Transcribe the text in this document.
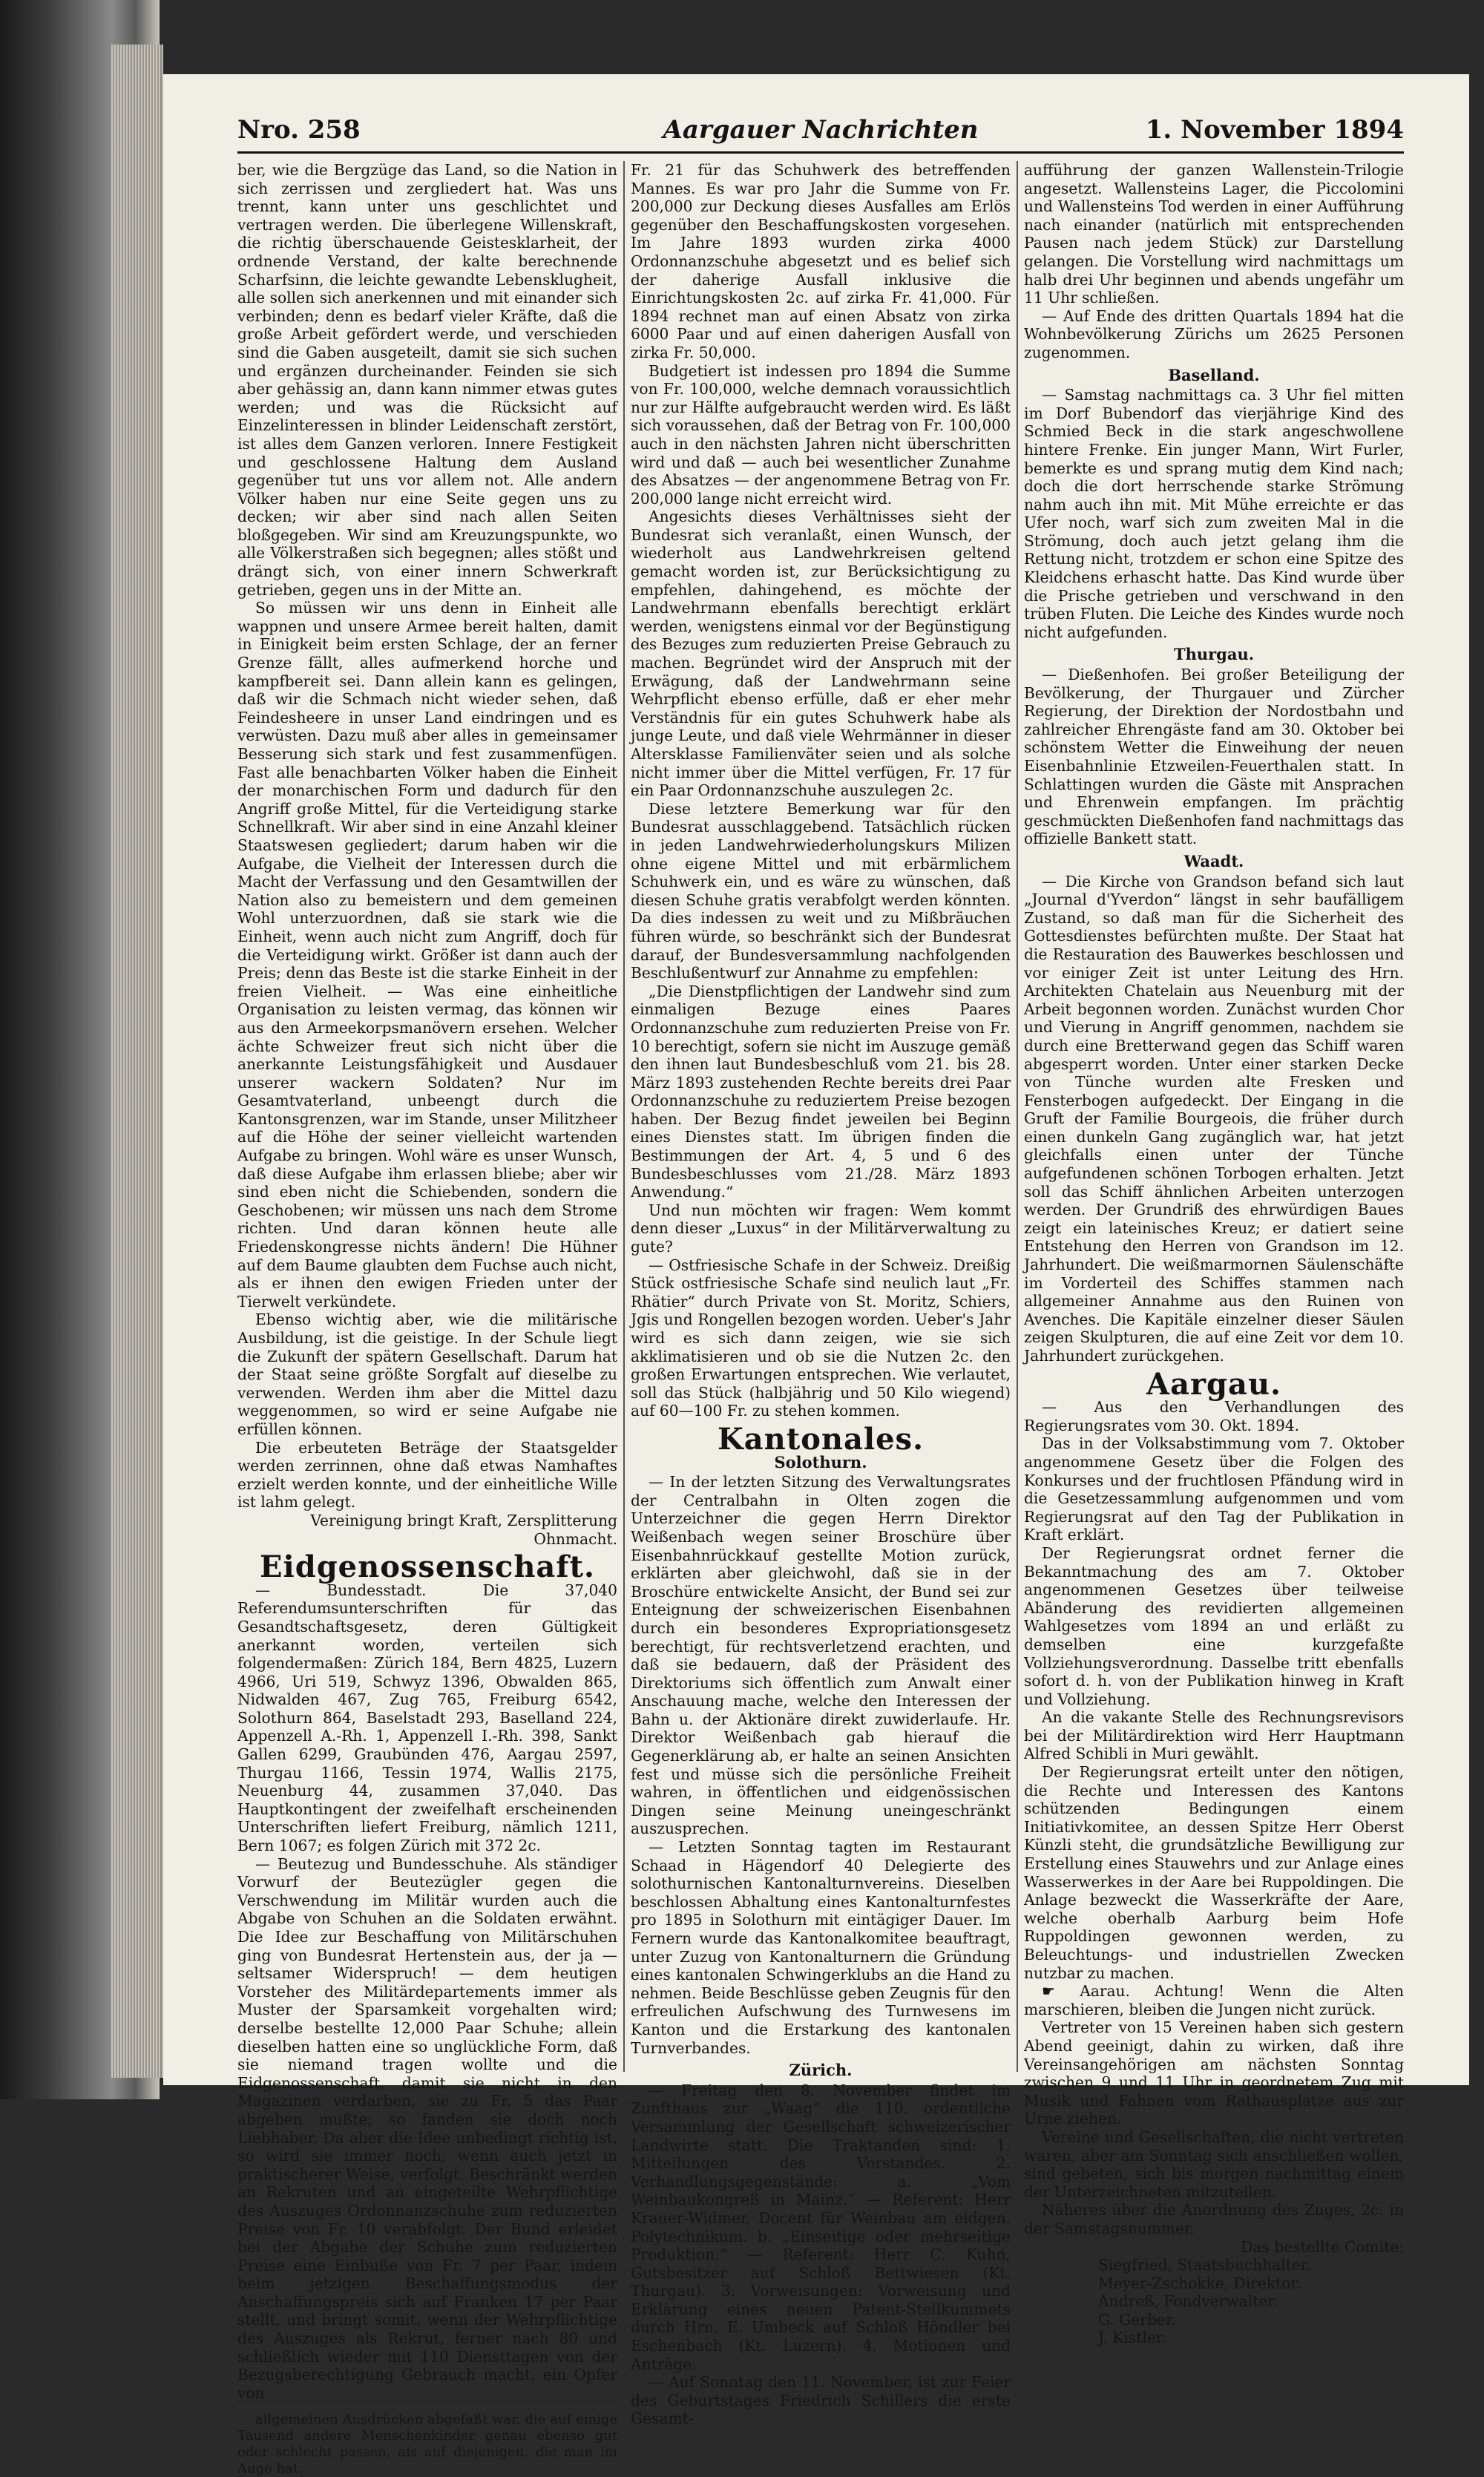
Aargauer Nachrichten
Nro. 258	1. November 1894

ber, wie die Bergzüge das Land, so die Nation in sich zerrissen und zergliedert hat. Was uns trennt, kann unter uns geschlichtet und vertragen werden. Die überlegene Willenskraft, die richtig überschauende Geistesklarheit, der ordnende Verstand, der kalte berechnende Scharfsinn, die leichte gewandte Lebensklugheit, alle sollen sich anerkennen und mit einander sich verbinden; denn es bedarf vieler Kräfte, daß die große Arbeit gefördert werde, und verschieden sind die Gaben ausgeteilt, damit sie sich suchen und ergänzen durcheinander. Feinden sie sich aber gehässig an, dann kann nimmer etwas gutes werden; und was die Rücksicht auf Einzelinteressen in blinder Leidenschaft zerstört, ist alles dem Ganzen verloren. Innere Festigkeit und geschlossene Haltung dem Ausland gegenüber tut uns vor allem not. Alle andern Völker haben nur eine Seite gegen uns zu decken; wir aber sind nach allen Seiten bloßgegeben. Wir sind am Kreuzungspunkte, wo alle Völkerstraßen sich begegnen; alles stößt und drängt sich, von einer innern Schwerkraft getrieben, gegen uns in der Mitte an.

So müssen wir uns denn in Einheit alle wappnen und unsere Armee bereit halten, damit in Einigkeit beim ersten Schlage, der an ferner Grenze fällt, alles aufmerkend horche und kampfbereit sei. Dann allein kann es gelingen, daß wir die Schmach nicht wieder sehen, daß Feindesheere in unser Land eindringen und es verwüsten. Dazu muß aber alles in gemeinsamer Besserung sich stark und fest zusammenfügen. Fast alle benachbarten Völker haben die Einheit der monarchischen Form und dadurch für den Angriff große Mittel, für die Verteidigung starke Schnellkraft. Wir aber sind in eine Anzahl kleiner Staatswesen gegliedert; darum haben wir die Aufgabe, die Vielheit der Interessen durch die Macht der Verfassung und den Gesamtwillen der Nation also zu bemeistern und dem gemeinen Wohl unterzuordnen, daß sie stark wie die Einheit, wenn auch nicht zum Angriff, doch für die Verteidigung wirkt. Größer ist dann auch der Preis; denn das Beste ist die starke Einheit in der freien Vielheit. — Was eine einheitliche Organisation zu leisten vermag, das können wir aus den Armeekorpsmanövern ersehen. Welcher ächte Schweizer freut sich nicht über die anerkannte Leistungsfähigkeit und Ausdauer unserer wackern Soldaten? Nur im Gesamtvaterland, unbeengt durch die Kantonsgrenzen, war im Stande, unser Militzheer auf die Höhe der seiner vielleicht wartenden Aufgabe zu bringen. Wohl wäre es unser Wunsch, daß diese Aufgabe ihm erlassen bliebe; aber wir sind eben nicht die Schiebenden, sondern die Geschobenen; wir müssen uns nach dem Strome richten. Und daran können heute alle Friedenskongresse nichts ändern! Die Hühner auf dem Baume glaubten dem Fuchse auch nicht, als er ihnen den ewigen Frieden unter der Tierwelt verkündete.

Ebenso wichtig aber, wie die militärische Ausbildung, ist die geistige. In der Schule liegt die Zukunft der spätern Gesellschaft. Darum hat der Staat seine größte Sorgfalt auf dieselbe zu verwenden. Werden ihm aber die Mittel dazu weggenommen, so wird er seine Aufgabe nie erfüllen können.

Die erbeuteten Beträge der Staatsgelder werden zerrinnen, ohne daß etwas Namhaftes erzielt werden konnte, und der einheitliche Wille ist lahm gelegt.

Vereinigung bringt Kraft, Zersplitterung Ohnmacht.

Eidgenossenschaft.

— Bundesstadt. Die 37,040 Referendumsunterschriften für das Gesandtschaftsgesetz, deren Gültigkeit anerkannt worden, verteilen sich folgendermaßen: Zürich 184, Bern 4825, Luzern 4966, Uri 519, Schwyz 1396, Obwalden 865, Nidwalden 467, Zug 765, Freiburg 6542, Solothurn 864, Baselstadt 293, Baselland 224, Appenzell A.-Rh. 1, Appenzell I.-Rh. 398, Sankt Gallen 6299, Graubünden 476, Aargau 2597, Thurgau 1166, Tessin 1974, Wallis 2175, Neuenburg 44, zusammen 37,040. Das Hauptkontingent der zweifelhaft erscheinenden Unterschriften liefert Freiburg, nämlich 1211, Bern 1067; es folgen Zürich mit 372 2c.

— Beutezug und Bundesschuhe. Als ständiger Vorwurf der Beutezügler gegen die Verschwendung im Militär wurden auch die Abgabe von Schuhen an die Soldaten erwähnt. Die Idee zur Beschaffung von Militärschuhen ging von Bundesrat Hertenstein aus, der ja — seltsamer Widerspruch! — dem heutigen Vorsteher des Militärdepartements immer als Muster der Sparsamkeit vorgehalten wird; derselbe bestellte 12,000 Paar Schuhe; allein dieselben hatten eine so unglückliche Form, daß sie niemand tragen wollte und die Eidgenossenschaft, damit sie nicht in den Magazinen verdarben, sie zu Fr. 5 das Paar abgeben mußte; so fanden sie doch noch Liebhaber. Da aber die Idee unbedingt richtig ist, so wird sie immer noch, wenn auch jetzt in praktischerer Weise, verfolgt. Beschränkt werden an Rekruten und an eingeteilte Wehrpflichtige des Auszuges Ordonnanzschuhe zum reduzierten Preise von Fr. 10 verabfolgt. Der Bund erleidet bei der Abgabe der Schuhe zum reduzierten Preise eine Einbuße von Fr. 7 per Paar, indem beim jetzigen Beschaffungsmodus der Anschaffungspreis sich auf Franken 17 per Paar stellt, und bringt somit, wenn der Wehrpflichtige des Auszuges als Rekrut, ferner nach 80 und schließlich wieder mit 110 Diensttagen von der Bezugsberechtigung Gebrauch macht, ein Opfer von

allgemeinen Ausdrücken abgefaßt war, die auf einige Tausend andere Menschenkinder genau ebenso gut oder schlecht passen, als auf diejenigen, die man im Auge hat.

Fr. 21 für das Schuhwerk des betreffenden Mannes. Es war pro Jahr die Summe von Fr. 200,000 zur Deckung dieses Ausfalles am Erlös gegenüber den Beschaffungskosten vorgesehen. Im Jahre 1893 wurden zirka 4000 Ordonnanzschuhe abgesetzt und es belief sich der daherige Ausfall inklusive die Einrichtungskosten 2c. auf zirka Fr. 41,000. Für 1894 rechnet man auf einen Absatz von zirka 6000 Paar und auf einen daherigen Ausfall von zirka Fr. 50,000.

Budgetiert ist indessen pro 1894 die Summe von Fr. 100,000, welche demnach voraussichtlich nur zur Hälfte aufgebraucht werden wird. Es läßt sich voraussehen, daß der Betrag von Fr. 100,000 auch in den nächsten Jahren nicht überschritten wird und daß — auch bei wesentlicher Zunahme des Absatzes — der angenommene Betrag von Fr. 200,000 lange nicht erreicht wird.

Angesichts dieses Verhältnisses sieht der Bundesrat sich veranlaßt, einen Wunsch, der wiederholt aus Landwehrkreisen geltend gemacht worden ist, zur Berücksichtigung zu empfehlen, dahingehend, es möchte der Landwehrmann ebenfalls berechtigt erklärt werden, wenigstens einmal vor der Begünstigung des Bezuges zum reduzierten Preise Gebrauch zu machen. Begründet wird der Anspruch mit der Erwägung, daß der Landwehrmann seine Wehrpflicht ebenso erfülle, daß er eher mehr Verständnis für ein gutes Schuhwerk habe als junge Leute, und daß viele Wehrmänner in dieser Altersklasse Familienväter seien und als solche nicht immer über die Mittel verfügen, Fr. 17 für ein Paar Ordonnanzschuhe auszulegen 2c.

Diese letztere Bemerkung war für den Bundesrat ausschlaggebend. Tatsächlich rücken in jeden Landwehrwiederholungskurs Milizen ohne eigene Mittel und mit erbärmlichem Schuhwerk ein, und es wäre zu wünschen, daß diesen Schuhe gratis verabfolgt werden könnten. Da dies indessen zu weit und zu Mißbräuchen führen würde, so beschränkt sich der Bundesrat darauf, der Bundesversammlung nachfolgenden Beschlußentwurf zur Annahme zu empfehlen:

„Die Dienstpflichtigen der Landwehr sind zum einmaligen Bezuge eines Paares Ordonnanzschuhe zum reduzierten Preise von Fr. 10 berechtigt, sofern sie nicht im Auszuge gemäß den ihnen laut Bundesbeschluß vom 21. bis 28. März 1893 zustehenden Rechte bereits drei Paar Ordonnanzschuhe zu reduziertem Preise bezogen haben. Der Bezug findet jeweilen bei Beginn eines Dienstes statt. Im übrigen finden die Bestimmungen der Art. 4, 5 und 6 des Bundesbeschlusses vom 21./28. März 1893 Anwendung.“

Und nun möchten wir fragen: Wem kommt denn dieser „Luxus“ in der Militärverwaltung zu gute?

— Ostfriesische Schafe in der Schweiz. Dreißig Stück ostfriesische Schafe sind neulich laut „Fr. Rhätier“ durch Private von St. Moritz, Schiers, Jgis und Rongellen bezogen worden. Ueber's Jahr wird es sich dann zeigen, wie sie sich akklimatisieren und ob sie die Nutzen 2c. den großen Erwartungen entsprechen. Wie verlautet, soll das Stück (halbjährig und 50 Kilo wiegend) auf 60—100 Fr. zu stehen kommen.

Kantonales.
Solothurn.

— In der letzten Sitzung des Verwaltungsrates der Centralbahn in Olten zogen die Unterzeichner die gegen Herrn Direktor Weißenbach wegen seiner Broschüre über Eisenbahnrückkauf gestellte Motion zurück, erklärten aber gleichwohl, daß sie in der Broschüre entwickelte Ansicht, der Bund sei zur Enteignung der schweizerischen Eisenbahnen durch ein besonderes Expropriationsgesetz berechtigt, für rechtsverletzend erachten, und daß sie bedauern, daß der Präsident des Direktoriums sich öffentlich zum Anwalt einer Anschauung mache, welche den Interessen der Bahn u. der Aktionäre direkt zuwiderlaufe. Hr. Direktor Weißenbach gab hierauf die Gegenerklärung ab, er halte an seinen Ansichten fest und müsse sich die persönliche Freiheit wahren, in öffentlichen und eidgenössischen Dingen seine Meinung uneingeschränkt auszusprechen.

— Letzten Sonntag tagten im Restaurant Schaad in Hägendorf 40 Delegierte des solothurnischen Kantonalturnvereins. Dieselben beschlossen Abhaltung eines Kantonalturnfestes pro 1895 in Solothurn mit eintägiger Dauer. Im Fernern wurde das Kantonalkomitee beauftragt, unter Zuzug von Kantonalturnern die Gründung eines kantonalen Schwingerklubs an die Hand zu nehmen. Beide Beschlüsse geben Zeugnis für den erfreulichen Aufschwung des Turnwesens im Kanton und die Erstarkung des kantonalen Turnverbandes.

Zürich.

— Freitag den 8. November findet im Zunfthaus zur „Waag“ die 110. ordentliche Versammlung der Gesellschaft schweizerischer Landwirte statt. Die Traktanden sind: 1. Mitteilungen des Vorstandes. 2. Verhandlungsgegenstände: a. „Vom Weinbaukongreß in Mainz.“ — Referent: Herr Krauer-Widmer, Docent für Weinbau am eidgen. Polytechnikum. b. „Einseitige oder mehrseitige Produktion.“ — Referent: Herr C. Kuhn, Gutsbesitzer auf Schloß Bettwiesen (Kt. Thurgau). 3. Vorweisungen: Vorweisung und Erklärung eines neuen Patent-Stellkummets durch Hrn. E. Umbeck auf Schloß Höndler bei Eschenbach (Kt. Luzern). 4. Motionen und Anträge.

— Auf Sonntag den 11. November, ist zur Feier des Geburtstages Friedrich Schillers die erste Gesamt-

aufführung der ganzen Wallenstein-Trilogie angesetzt. Wallensteins Lager, die Piccolomini und Wallensteins Tod werden in einer Aufführung nach einander (natürlich mit entsprechenden Pausen nach jedem Stück) zur Darstellung gelangen. Die Vorstellung wird nachmittags um halb drei Uhr beginnen und abends ungefähr um 11 Uhr schließen.

— Auf Ende des dritten Quartals 1894 hat die Wohnbevölkerung Zürichs um 2625 Personen zugenommen.

Baselland.

— Samstag nachmittags ca. 3 Uhr fiel mitten im Dorf Bubendorf das vierjährige Kind des Schmied Beck in die stark angeschwollene hintere Frenke. Ein junger Mann, Wirt Furler, bemerkte es und sprang mutig dem Kind nach; doch die dort herrschende starke Strömung nahm auch ihn mit. Mit Mühe erreichte er das Ufer noch, warf sich zum zweiten Mal in die Strömung, doch auch jetzt gelang ihm die Rettung nicht, trotzdem er schon eine Spitze des Kleidchens erhascht hatte. Das Kind wurde über die Prische getrieben und verschwand in den trüben Fluten. Die Leiche des Kindes wurde noch nicht aufgefunden.

Thurgau.

— Dießenhofen. Bei großer Beteiligung der Bevölkerung, der Thurgauer und Zürcher Regierung, der Direktion der Nordostbahn und zahlreicher Ehrengäste fand am 30. Oktober bei schönstem Wetter die Einweihung der neuen Eisenbahnlinie Etzweilen-Feuerthalen statt. In Schlattingen wurden die Gäste mit Ansprachen und Ehrenwein empfangen. Im prächtig geschmückten Dießenhofen fand nachmittags das offizielle Bankett statt.

Waadt.

— Die Kirche von Grandson befand sich laut „Journal d'Yverdon“ längst in sehr baufälligem Zustand, so daß man für die Sicherheit des Gottesdienstes befürchten mußte. Der Staat hat die Restauration des Bauwerkes beschlossen und vor einiger Zeit ist unter Leitung des Hrn. Architekten Chatelain aus Neuenburg mit der Arbeit begonnen worden. Zunächst wurden Chor und Vierung in Angriff genommen, nachdem sie durch eine Bretterwand gegen das Schiff waren abgesperrt worden. Unter einer starken Decke von Tünche wurden alte Fresken und Fensterbogen aufgedeckt. Der Eingang in die Gruft der Familie Bourgeois, die früher durch einen dunkeln Gang zugänglich war, hat jetzt gleichfalls einen unter der Tünche aufgefundenen schönen Torbogen erhalten. Jetzt soll das Schiff ähnlichen Arbeiten unterzogen werden. Der Grundriß des ehrwürdigen Baues zeigt ein lateinisches Kreuz; er datiert seine Entstehung den Herren von Grandson im 12. Jahrhundert. Die weißmarmornen Säulenschäfte im Vorderteil des Schiffes stammen nach allgemeiner Annahme aus den Ruinen von Avenches. Die Kapitäle einzelner dieser Säulen zeigen Skulpturen, die auf eine Zeit vor dem 10. Jahrhundert zurückgehen.

Aargau.

— Aus den Verhandlungen des Regierungsrates vom 30. Okt. 1894.

Das in der Volksabstimmung vom 7. Oktober angenommene Gesetz über die Folgen des Konkurses und der fruchtlosen Pfändung wird in die Gesetzessammlung aufgenommen und vom Regierungsrat auf den Tag der Publikation in Kraft erklärt.

Der Regierungsrat ordnet ferner die Bekanntmachung des am 7. Oktober angenommenen Gesetzes über teilweise Abänderung des revidierten allgemeinen Wahlgesetzes vom 1894 an und erläßt zu demselben eine kurzgefaßte Vollziehungsverordnung. Dasselbe tritt ebenfalls sofort d. h. von der Publikation hinweg in Kraft und Vollziehung.

An die vakante Stelle des Rechnungsrevisors bei der Militärdirektion wird Herr Hauptmann Alfred Schibli in Muri gewählt.

Der Regierungsrat erteilt unter den nötigen, die Rechte und Interessen des Kantons schützenden Bedingungen einem Initiativkomitee, an dessen Spitze Herr Oberst Künzli steht, die grundsätzliche Bewilligung zur Erstellung eines Stauwehrs und zur Anlage eines Wasserwerkes in der Aare bei Ruppoldingen. Die Anlage bezweckt die Wasserkräfte der Aare, welche oberhalb Aarburg beim Hofe Ruppoldingen gewonnen werden, zu Beleuchtungs- und industriellen Zwecken nutzbar zu machen.

☛ Aarau. Achtung! Wenn die Alten marschieren, bleiben die Jungen nicht zurück.

Vertreter von 15 Vereinen haben sich gestern Abend geeinigt, dahin zu wirken, daß ihre Vereinsangehörigen am nächsten Sonntag zwischen 9 und 11 Uhr in geordnetem Zug mit Musik und Fahnen vom Rathausplatze aus zur Urne ziehen.

Vereine und Gesellschaften, die nicht vertreten waren, aber am Sonntag sich anschließen wollen, sind gebeten, sich bis morgen nachmittag einem der Unterzeichneten mitzuteilen.

Näheres über die Anordnung des Zuges, 2c. in der Samstagsnummer.

Das bestellte Comite:

Siegfried, Staatsbuchhalter.

Meyer-Zschokke, Direktor.

Andreß, Fondverwalter.

G. Gerber.

J. Kistler.
